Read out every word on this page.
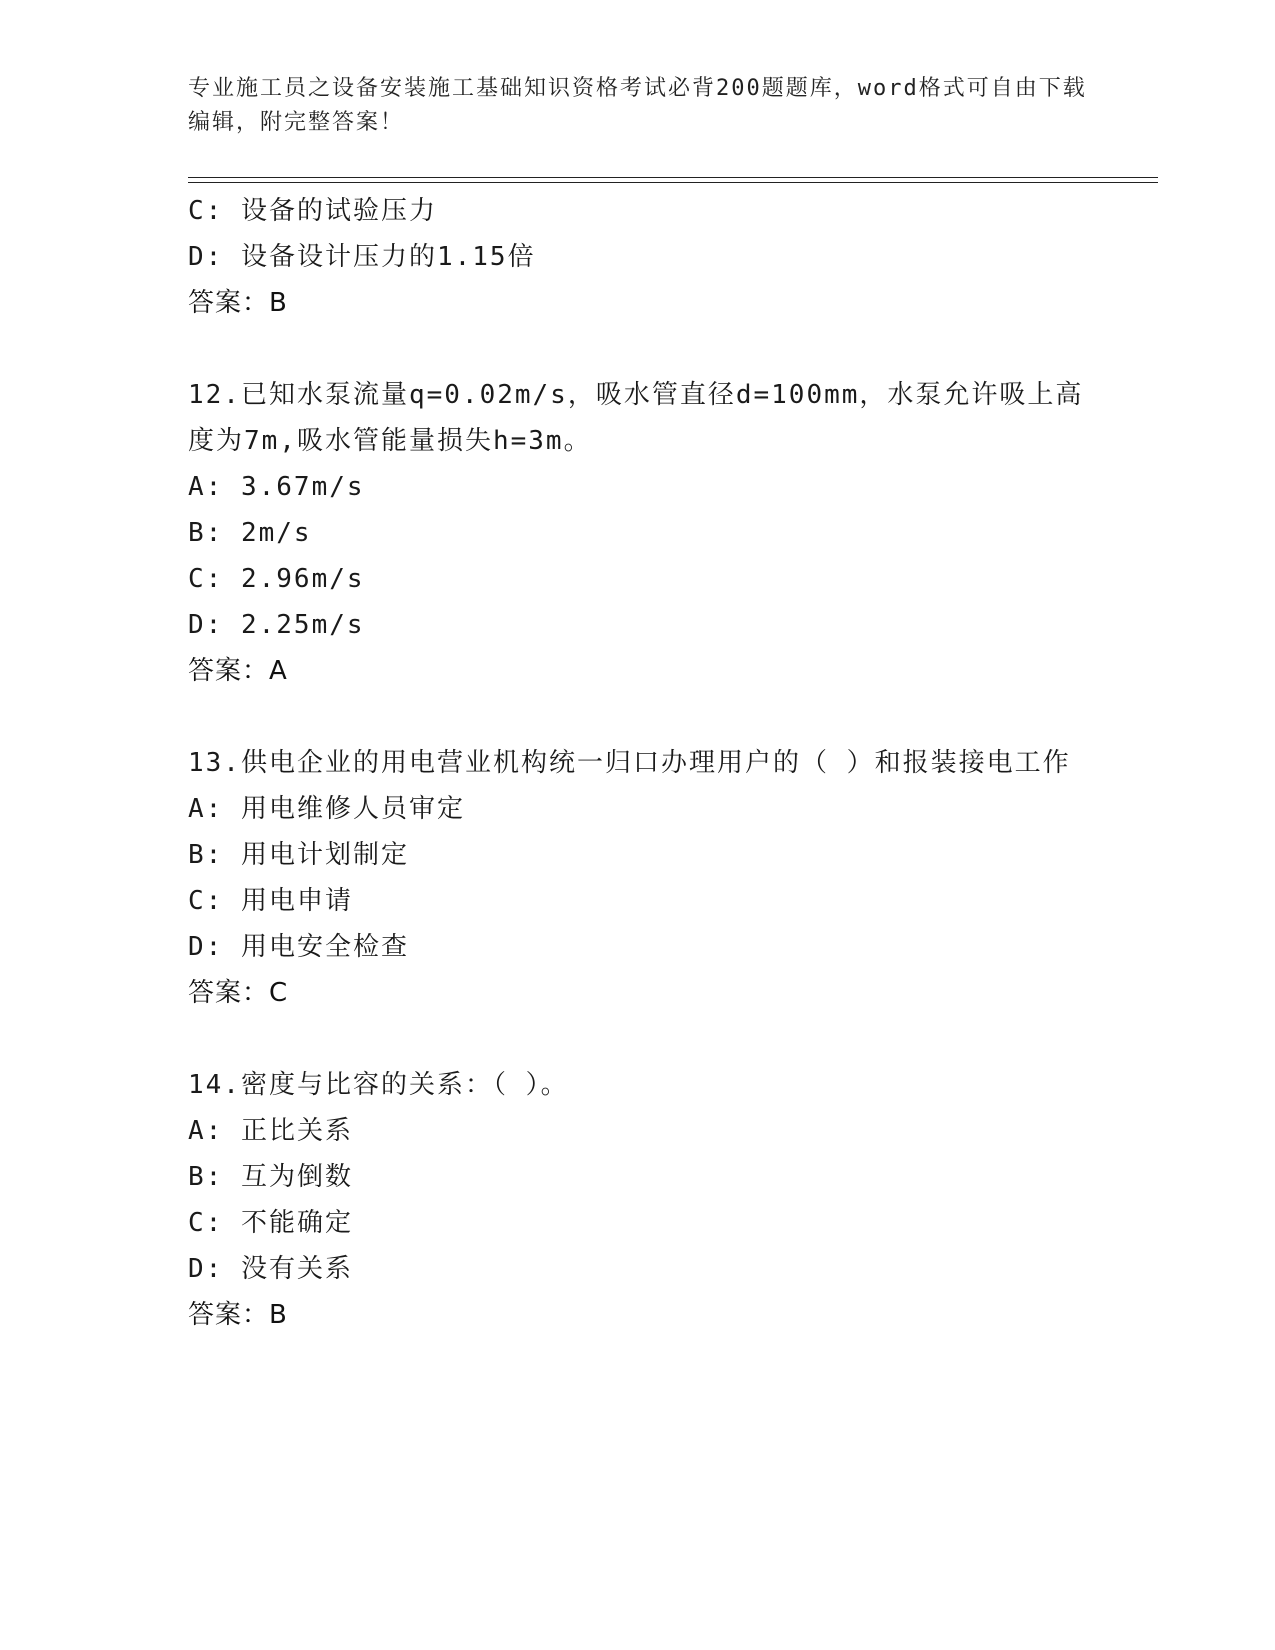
专业施工员之设备安装施工基础知识资格考试必背200题题库，word格式可自由下载编辑，附完整答案！
C: 设备的试验压力
D: 设备设计压力的1.15倍
答案：B
12.已知水泵流量q=0.02m/s，吸水管直径d=100mm，水泵允许吸上高度为7m,吸水管能量损失h=3m。
A: 3.67m/s
B: 2m/s
C: 2.96m/s
D: 2.25m/s
答案：A
13.供电企业的用电营业机构统一归口办理用户的（ ）和报装接电工作
A: 用电维修人员审定
B: 用电计划制定
C: 用电申请
D: 用电安全检查
答案：C
14.密度与比容的关系：（ ）。
A: 正比关系
B: 互为倒数
C: 不能确定
D: 没有关系
答案：B
